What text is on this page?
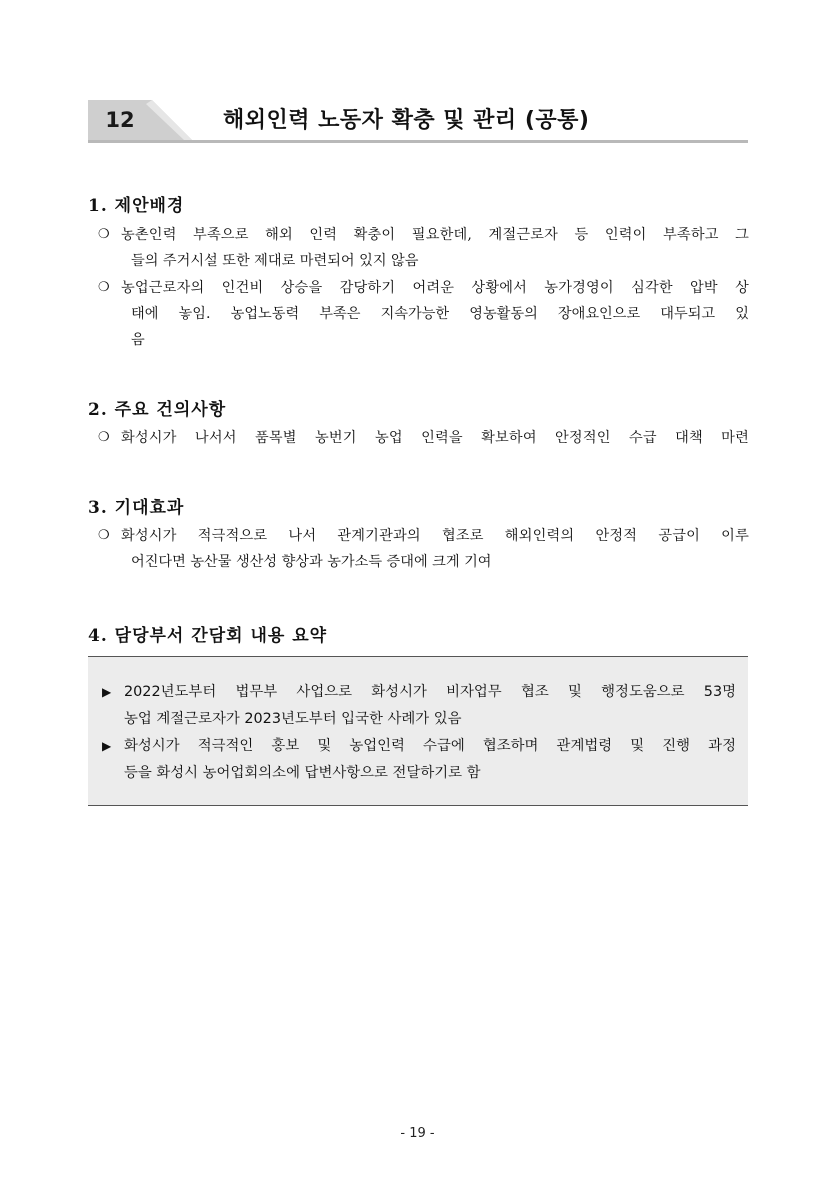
12	해외인력 노동자 확충 및 관리 (공통)
1. 제안배경
❍ 농촌인력 부족으로 해외 인력 확충이 필요한데, 계절근로자 등 인력이 부족하고 그
들의 주거시설 또한 제대로 마련되어 있지 않음
❍ 농업근로자의 인건비 상승을 감당하기 어려운 상황에서 농가경영이 심각한 압박 상
태에 놓임. 농업노동력 부족은 지속가능한 영농활동의 장애요인으로 대두되고 있
음
2. 주요 건의사항
❍ 화성시가 나서서 품목별 농번기 농업 인력을 확보하여 안정적인 수급 대책 마련
3. 기대효과
❍ 화성시가 적극적으로 나서 관계기관과의 협조로 해외인력의 안정적 공급이 이루
어진다면 농산물 생산성 향상과 농가소득 증대에 크게 기여
4. 담당부서 간담회 내용 요약
▶ 2022년도부터 법무부 사업으로 화성시가 비자업무 협조 및 행정도움으로 53명
농업 계절근로자가 2023년도부터 입국한 사례가 있음
▶ 화성시가 적극적인 홍보 및 농업인력 수급에 협조하며 관계법령 및 진행 과정
등을 화성시 농어업회의소에 답변사항으로 전달하기로 함
- 19 -
